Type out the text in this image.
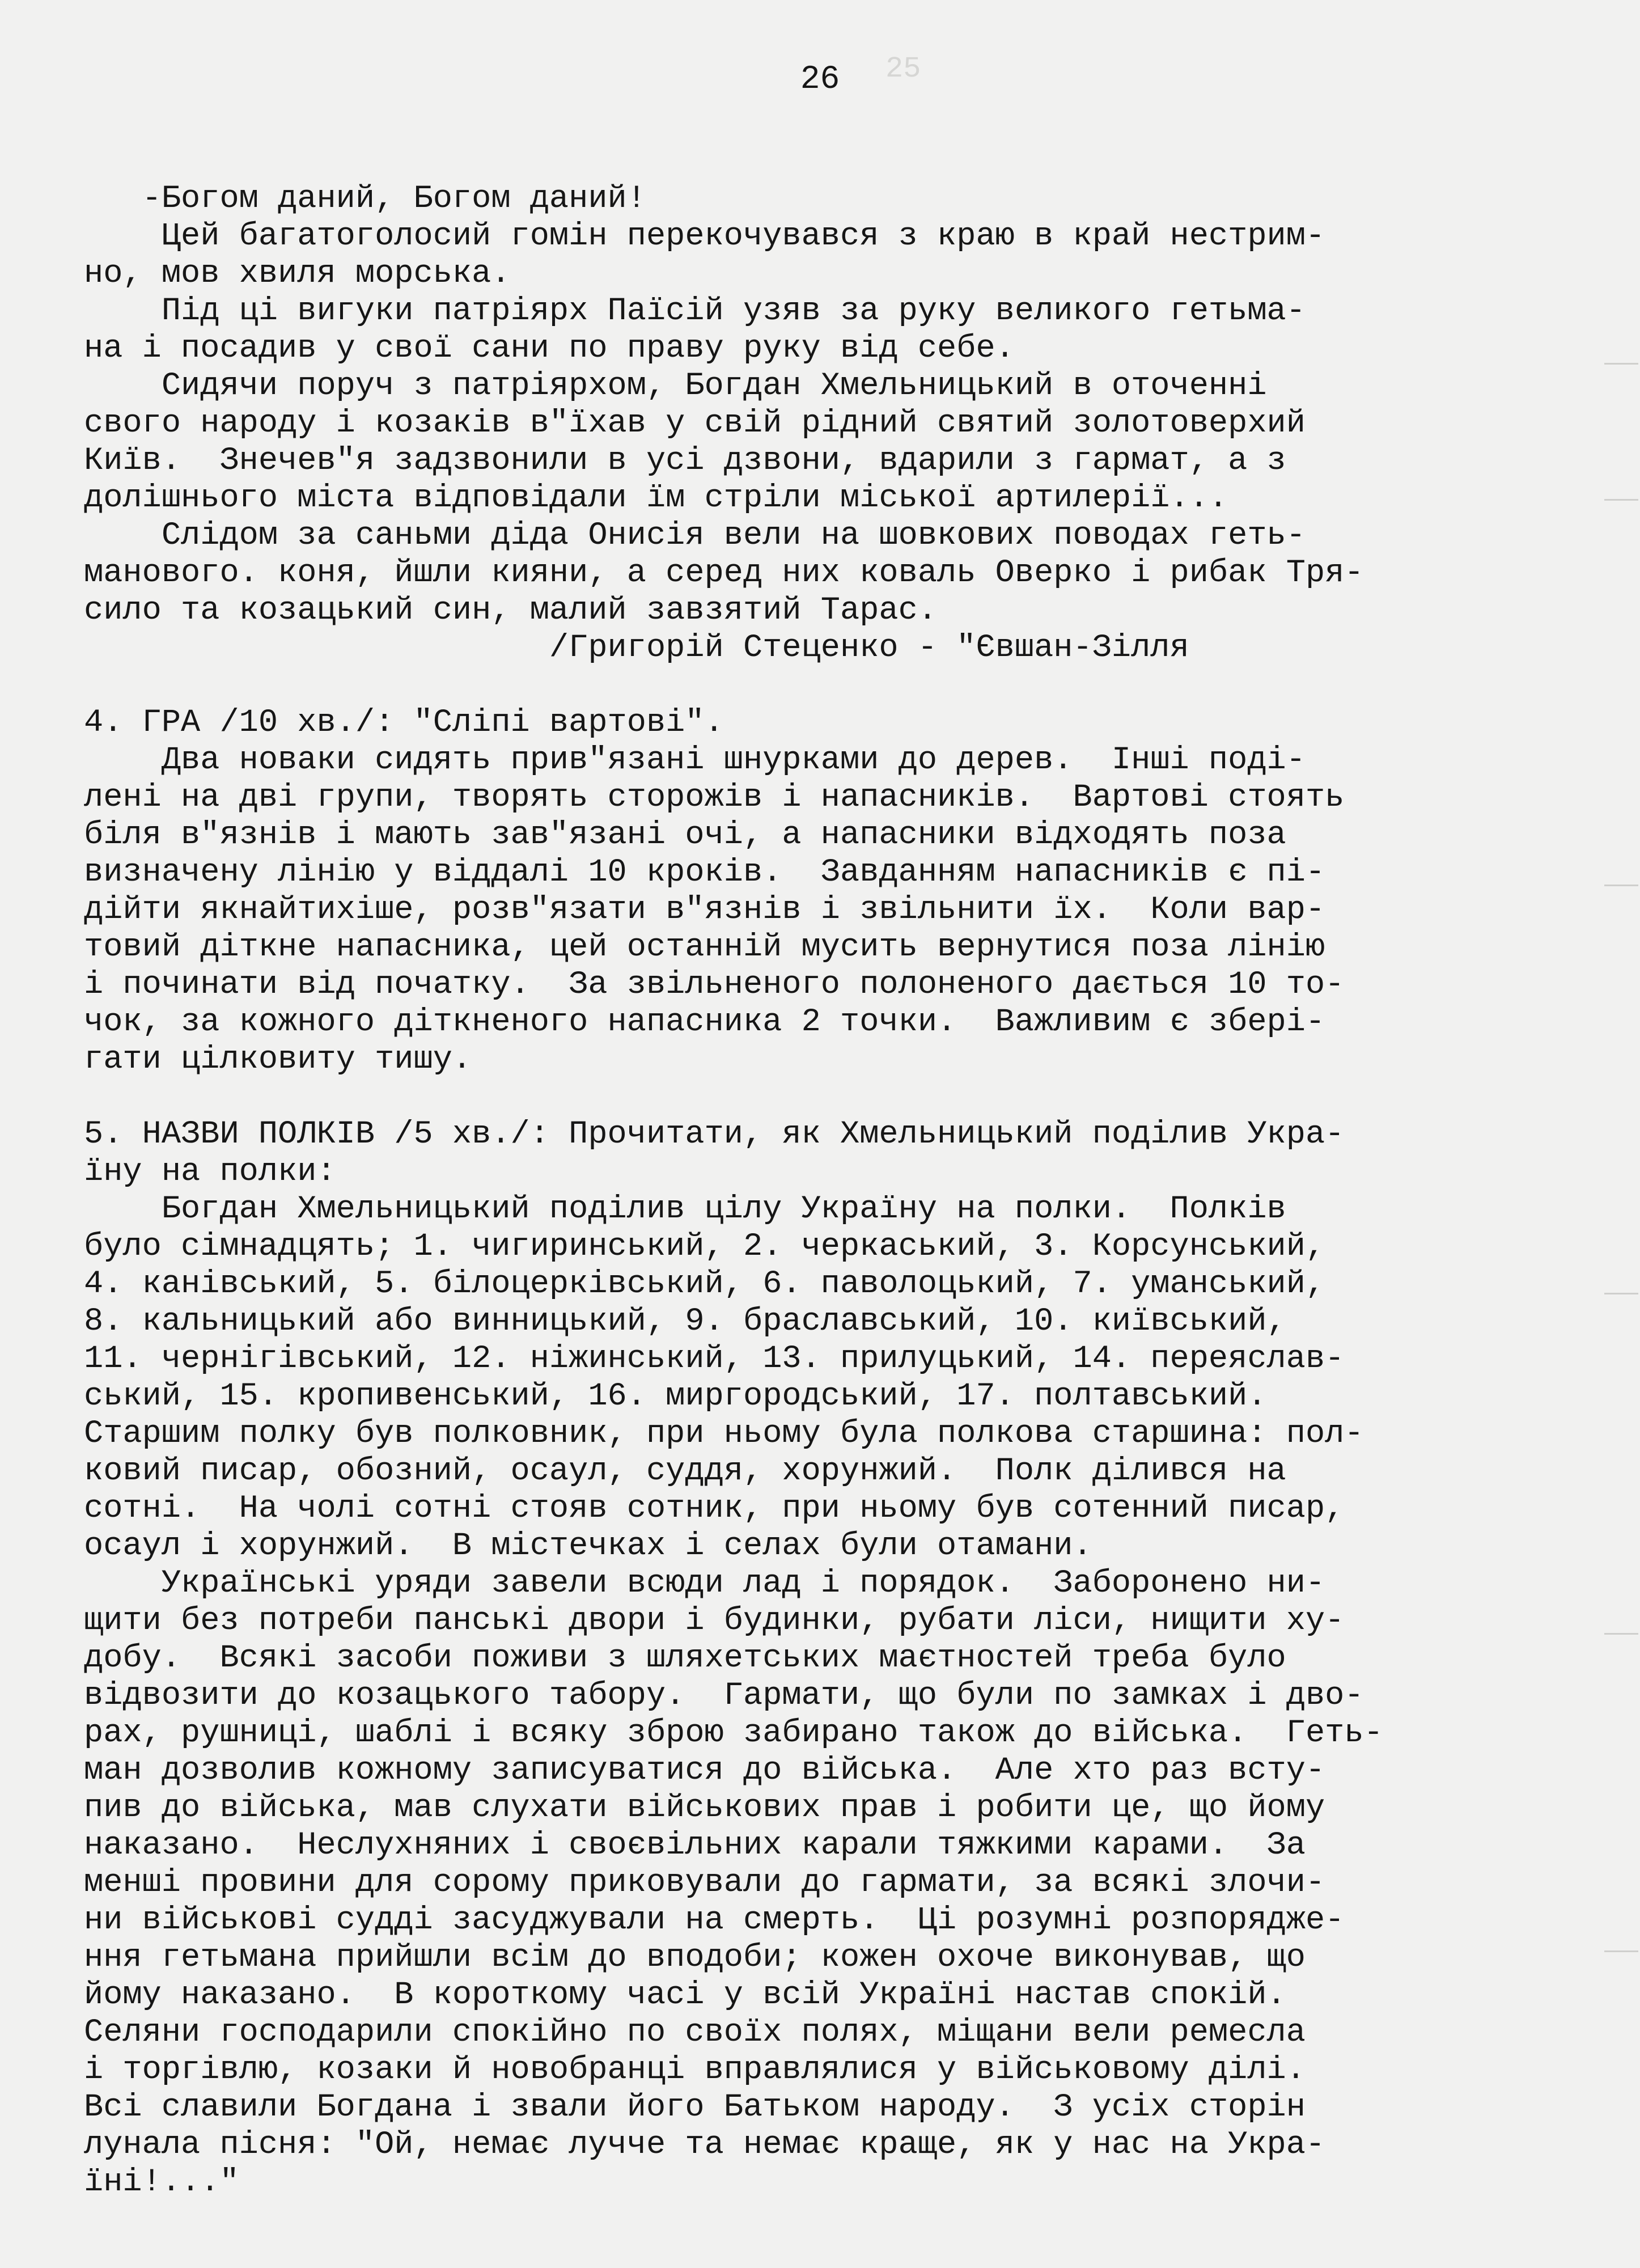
25
26
-Богом даний, Богом даний!
Цей багатоголосий гомін перекочувався з краю в край нестрим-
но, мов хвиля морська.
Під ці вигуки патріярх Паїсій узяв за руку великого гетьма-
на і посадив у свої сани по праву руку від себе.
Сидячи поруч з патріярхом, Богдан Хмельницький в оточенні
свого народу і козаків в"їхав у свій рідний святий золотоверхий
Київ.  Знечев"я задзвонили в усі дзвони, вдарили з гармат, а з
долішнього міста відповідали їм стріли міської артилерії...
Слідом за саньми діда Онисія вели на шовкових поводах геть-
манового. коня, йшли кияни, а серед них коваль Оверко і рибак Тря-
сило та козацький син, малий завзятий Тарас.
/Григорій Стеценко - "Євшан-Зілля
4. ГРА /10 хв./: "Сліпі вартові".
Два новаки сидять прив"язані шнурками до дерев.  Інші поді-
лені на дві групи, творять сторожів і напасників.  Вартові стоять
біля в"язнів і мають зав"язані очі, а напасники відходять поза
визначену лінію у віддалі 10 кроків.  Завданням напасників є пі-
дійти якнайтихіше, розв"язати в"язнів і звільнити їх.  Коли вар-
товий діткне напасника, цей останній мусить вернутися поза лінію
і починати від початку.  За звільненого полоненого дається 10 то-
чок, за кожного діткненого напасника 2 точки.  Важливим є зберi-
гати цілковиту тишу.
5. НАЗВИ ПОЛКІВ /5 хв./: Прочитати, як Хмельницький поділив Укра-
їну на полки:
Богдан Хмельницький поділив цілу Україну на полки.  Полків
було сімнадцять; 1. чигиринський, 2. черкаський, 3. Корсунський,
4. канівський, 5. білоцерківський, 6. паволоцький, 7. уманський,
8. кальницький або винницький, 9. браславський, 10. київський,
11. чернігівський, 12. ніжинський, 13. прилуцький, 14. переяслав-
ський, 15. кропивенський, 16. миргородський, 17. полтавський.
Старшим полку був полковник, при ньому була полкова старшина: пол-
ковий писар, обозний, осаул, суддя, хорунжий.  Полк ділився на
сотні.  На чолі сотні стояв сотник, при ньому був сотенний писар,
осаул і хорунжий.  В містечках і селах були отамани.
Українські уряди завели всюди лад і порядок.  Заборонено ни-
щити без потреби панські двори і будинки, рубати ліси, нищити ху-
добу.  Всякі засоби поживи з шляхетських маєтностей треба було
відвозити до козацького табору.  Гармати, що були по замках і дво-
рах, рушниці, шаблі і всяку зброю забирано також до війська.  Геть-
ман дозволив кожному записуватися до війська.  Але хто раз всту-
пив до війська, мав слухати військових прав і робити це, що йому
наказано.  Неслухняних і своєвільних карали тяжкими карами.  За
менші провини для сорому приковували до гармати, за всякі злочи-
ни військові судді засуджували на смерть.  Ці розумні розпорядже-
ння гетьмана прийшли всім до вподоби; кожен охоче виконував, що
йому наказано.  В короткому часі у всій Україні настав спокій.
Селяни господарили спокійно по своїх полях, міщани вели ремесла
і торгівлю, козаки й новобранці вправлялися у військовому ділі.
Всі славили Богдана і звали його Батьком народу.  З усіх сторін
лунала пісня: "Ой, немає лучче та немає краще, як у нас на Укра-
їні!..."
